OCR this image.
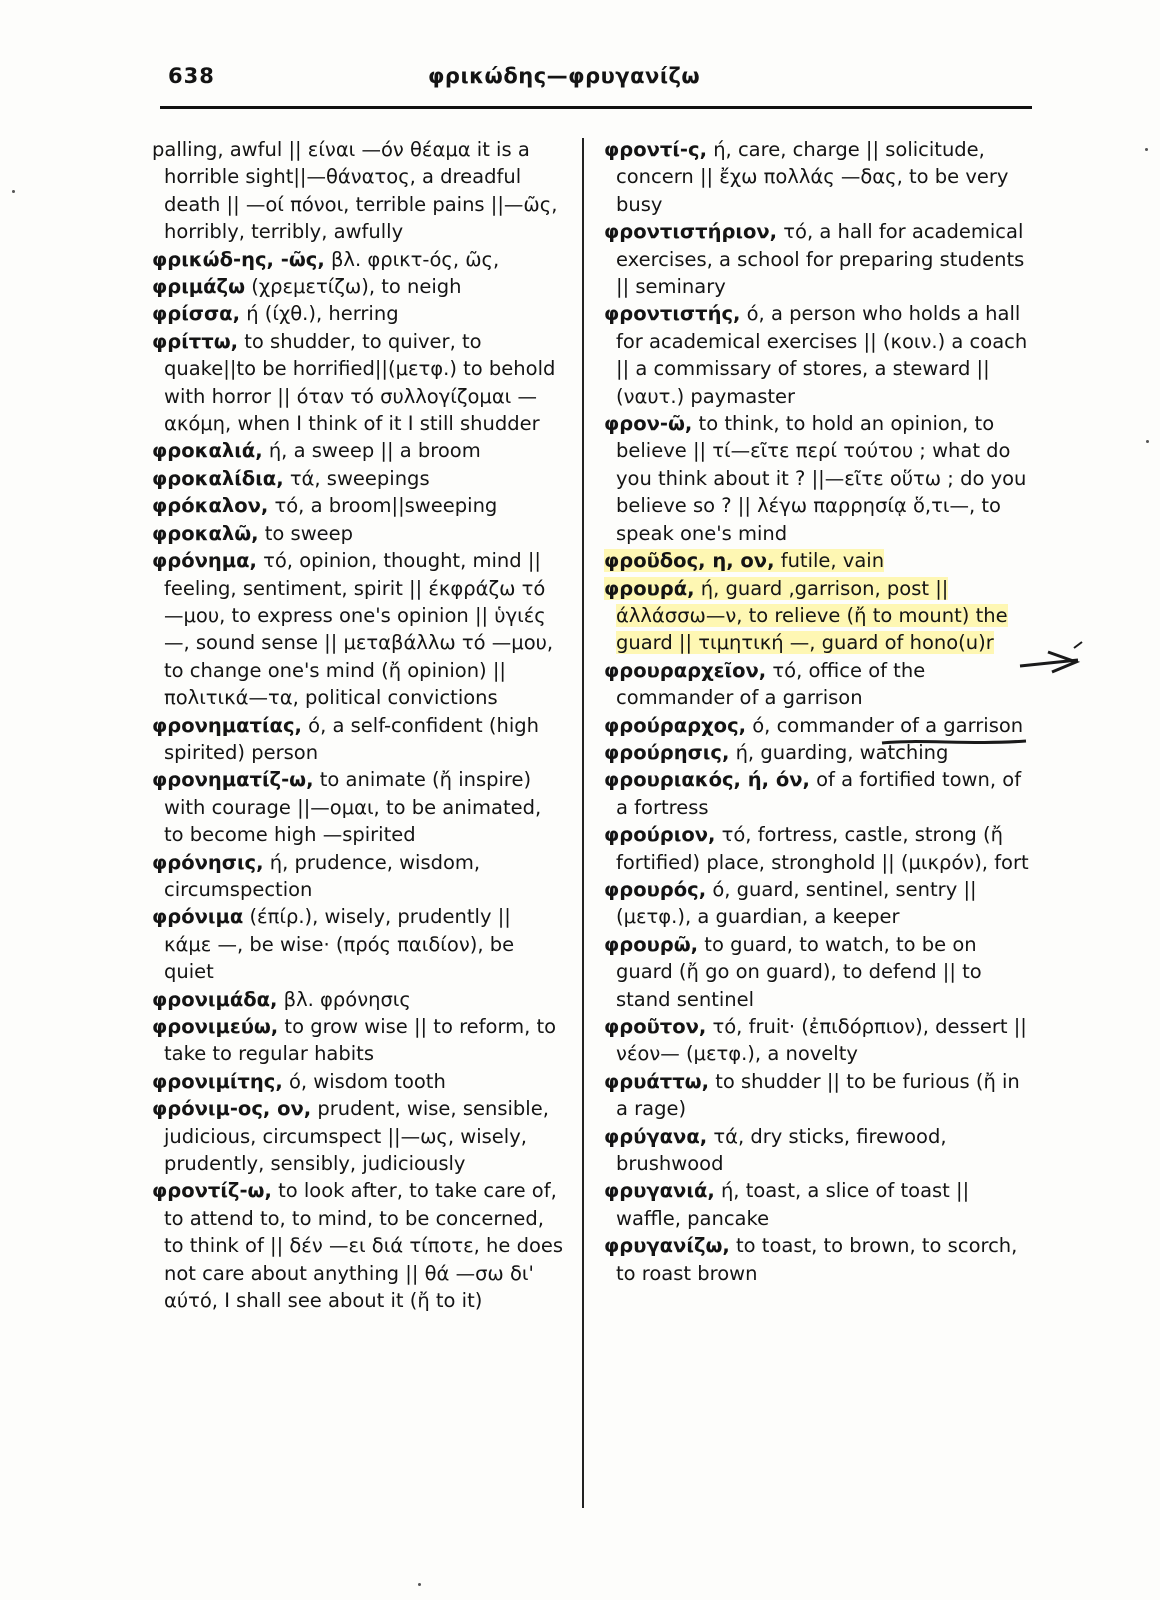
638	φρικώδης—φρυγανίζω

palling, awful || είναι —όν θέαμα it is a horrible sight||—θάνατος, a dreadful death || —οί πόνοι, terrible pains ||—ῶς, horribly, terribly, awfully

φρικώδ-ης, -ῶς, βλ. φρικτ-ός, ῶς,

φριμάζω (χρεμετίζω), to neigh

φρίσσα, ή (ίχθ.), herring

φρίττω, to shudder, to quiver, to quake||to be horrified||(μετφ.) to behold with horror || όταν τό συλλογίζομαι — ακόμη, when I think of it I still shudder

φροκαλιά, ή, a sweep || a broom

φροκαλίδια, τά, sweepings

φρόκαλον, τό, a broom||sweeping

φροκαλῶ, to sweep

φρόνημα, τό, opinion, thought, mind || feeling, sentiment, spirit || έκφράζω τό —μου, to express one's opinion || ὑγιές—, sound sense || μεταβάλλω τό —μου, to change one's mind (ἤ opinion) || πολιτικά—τα, political convictions

φρονηματίας, ό, a self-confident (high spirited) person

φρονηματίζ-ω, to animate (ἤ inspire) with courage ||—ομαι, to be animated, to become high —spirited

φρόνησις, ή, prudence, wisdom, circumspection

φρόνιμα (έπίρ.), wisely, prudently || κάμε —, be wise· (πρός παιδίον), be quiet

φρονιμάδα, βλ. φρόνησις

φρονιμεύω, to grow wise || to reform, to take to regular habits

φρονιμίτης, ό, wisdom tooth

φρόνιμ-ος, ον, prudent, wise, sensible, judicious, circumspect ||—ως, wisely, prudently, sensibly, judiciously

φροντίζ-ω, to look after, to take care of, to attend to, to mind, to be concerned, to think of || δέν —ει διά τίποτε, he does not care about anything || θά —σω δι' αύτό, I shall see about it (ἤ to it)

φροντί-ς, ή, care, charge || solicitude, concern || ἔχω πολλάς —δας, to be very busy

φροντιστήριον, τό, a hall for academical exercises, a school for preparing students || seminary

φροντιστής, ό, a person who holds a hall for academical exercises || (κοιν.) a coach || a commissary of stores, a steward || (ναυτ.) paymaster

φρον-ῶ, to think, to hold an opinion, to believe || τί—εῖτε περί τούτου ; what do you think about it ? ||—εῖτε οὕτω ; do you believe so ? || λέγω παρρησίᾳ ὅ,τι—, to speak one's mind

φροῦδος, η, ον, futile, vain

φρουρά, ή, guard ,garrison, post || άλλάσσω—ν, to relieve (ἤ to mount) the guard || τιμητική —, guard of hono(u)r

φρουραρχεῖον, τό, office of the commander of a garrison

φρούραρχος, ό, commander of a garrison

φρούρησις, ή, guarding, watching

φρουριακός, ή, όν, of a fortified town, of a fortress

φρούριον, τό, fortress, castle, strong (ἤ fortified) place, stronghold || (μικρόν), fort

φρουρός, ό, guard, sentinel, sentry || (μετφ.), a guardian, a keeper

φρουρῶ, to guard, to watch, to be on guard (ἤ go on guard), to defend || to stand sentinel

φροῦτον, τό, fruit· (ἐπιδόρπιον), dessert || νέον— (μετφ.), a novelty

φρυάττω, to shudder || to be furious (ἤ in a rage)

φρύγανα, τά, dry sticks, firewood, brushwood

φρυγανιά, ή, toast, a slice of toast || waffle, pancake

φρυγανίζω, to toast, to brown, to scorch, to roast brown
